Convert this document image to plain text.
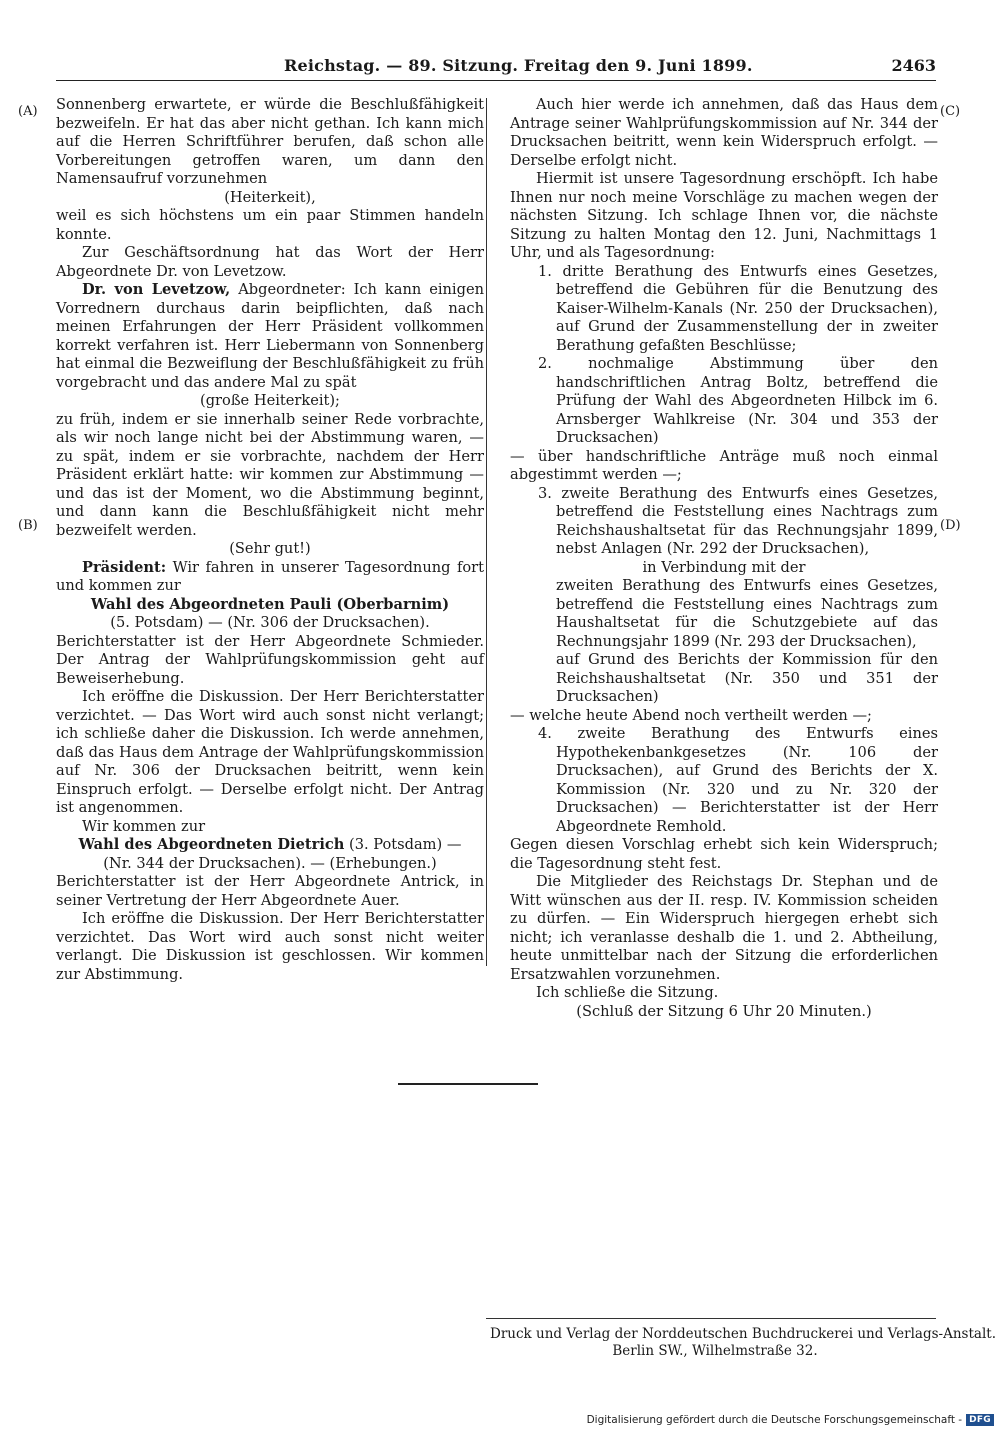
Reichstag. — 89. Sitzung. Freitag den 9. Juni 1899.	2463
(A)
(B)
(C)
(D)

Sonnenberg erwartete, er würde die Beschlußfähigkeit bezweifeln. Er hat das aber nicht gethan. Ich kann mich auf die Herren Schriftführer berufen, daß schon alle Vorbereitungen getroffen waren, um dann den Namensaufruf vorzunehmen

(Heiterkeit),

weil es sich höchstens um ein paar Stimmen handeln konnte.

Zur Geschäftsordnung hat das Wort der Herr Abgeordnete Dr. von Levetzow.

Dr. von Levetzow, Abgeordneter: Ich kann einigen Vorrednern durchaus darin beipflichten, daß nach meinen Erfahrungen der Herr Präsident vollkommen korrekt verfahren ist. Herr Liebermann von Sonnenberg hat einmal die Bezweiflung der Beschlußfähigkeit zu früh vorgebracht und das andere Mal zu spät

(große Heiterkeit);

zu früh, indem er sie innerhalb seiner Rede vorbrachte, als wir noch lange nicht bei der Abstimmung waren, — zu spät, indem er sie vorbrachte, nachdem der Herr Präsident erklärt hatte: wir kommen zur Abstimmung — und das ist der Moment, wo die Abstimmung beginnt, und dann kann die Beschlußfähigkeit nicht mehr bezweifelt werden.

(Sehr gut!)

Präsident: Wir fahren in unserer Tagesordnung fort und kommen zur

Wahl des Abgeordneten Pauli (Oberbarnim)

(5. Potsdam) — (Nr. 306 der Drucksachen).

Berichterstatter ist der Herr Abgeordnete Schmieder. Der Antrag der Wahlprüfungskommission geht auf Beweiserhebung.

Ich eröffne die Diskussion. Der Herr Berichterstatter verzichtet. — Das Wort wird auch sonst nicht verlangt; ich schließe daher die Diskussion. Ich werde annehmen, daß das Haus dem Antrage der Wahlprüfungskommission auf Nr. 306 der Drucksachen beitritt, wenn kein Einspruch erfolgt. — Derselbe erfolgt nicht. Der Antrag ist angenommen.

Wir kommen zur

Wahl des Abgeordneten Dietrich (3. Potsdam) —

(Nr. 344 der Drucksachen). — (Erhebungen.)

Berichterstatter ist der Herr Abgeordnete Antrick, in seiner Vertretung der Herr Abgeordnete Auer.

Ich eröffne die Diskussion. Der Herr Berichterstatter verzichtet. Das Wort wird auch sonst nicht weiter verlangt. Die Diskussion ist geschlossen. Wir kommen zur Abstimmung.

Auch hier werde ich annehmen, daß das Haus dem Antrage seiner Wahlprüfungskommission auf Nr. 344 der Drucksachen beitritt, wenn kein Widerspruch erfolgt. — Derselbe erfolgt nicht.

Hiermit ist unsere Tagesordnung erschöpft. Ich habe Ihnen nur noch meine Vorschläge zu machen wegen der nächsten Sitzung. Ich schlage Ihnen vor, die nächste Sitzung zu halten Montag den 12. Juni, Nachmittags 1 Uhr, und als Tagesordnung:

1. dritte Berathung des Entwurfs eines Gesetzes, betreffend die Gebühren für die Benutzung des Kaiser-Wilhelm-Kanals (Nr. 250 der Drucksachen), auf Grund der Zusammenstellung der in zweiter Berathung gefaßten Beschlüsse;

2. nochmalige Abstimmung über den handschriftlichen Antrag Boltz, betreffend die Prüfung der Wahl des Abgeordneten Hilbck im 6. Arnsberger Wahlkreise (Nr. 304 und 353 der Drucksachen)

— über handschriftliche Anträge muß noch einmal abgestimmt werden —;

3. zweite Berathung des Entwurfs eines Gesetzes, betreffend die Feststellung eines Nachtrags zum Reichshaushaltsetat für das Rechnungsjahr 1899, nebst Anlagen (Nr. 292 der Drucksachen),

in Verbindung mit der

zweiten Berathung des Entwurfs eines Gesetzes, betreffend die Feststellung eines Nachtrags zum Haushaltsetat für die Schutzgebiete auf das Rechnungsjahr 1899 (Nr. 293 der Drucksachen),

auf Grund des Berichts der Kommission für den Reichshaushaltsetat (Nr. 350 und 351 der Drucksachen)

— welche heute Abend noch vertheilt werden —;

4. zweite Berathung des Entwurfs eines Hypothekenbankgesetzes (Nr. 106 der Drucksachen), auf Grund des Berichts der X. Kommission (Nr. 320 und zu Nr. 320 der Drucksachen) — Berichterstatter ist der Herr Abgeordnete Remhold.

Gegen diesen Vorschlag erhebt sich kein Widerspruch; die Tagesordnung steht fest.

Die Mitglieder des Reichstags Dr. Stephan und de Witt wünschen aus der II. resp. IV. Kommission scheiden zu dürfen. — Ein Widerspruch hiergegen erhebt sich nicht; ich veranlasse deshalb die 1. und 2. Abtheilung, heute unmittelbar nach der Sitzung die erforderlichen Ersatzwahlen vorzunehmen.

Ich schließe die Sitzung.

(Schluß der Sitzung 6 Uhr 20 Minuten.)

Druck und Verlag der Norddeutschen Buchdruckerei und Verlags-Anstalt.
Berlin SW., Wilhelmstraße 32.
Digitalisierung gefördert durch die Deutsche Forschungsgemeinschaft - DFG
